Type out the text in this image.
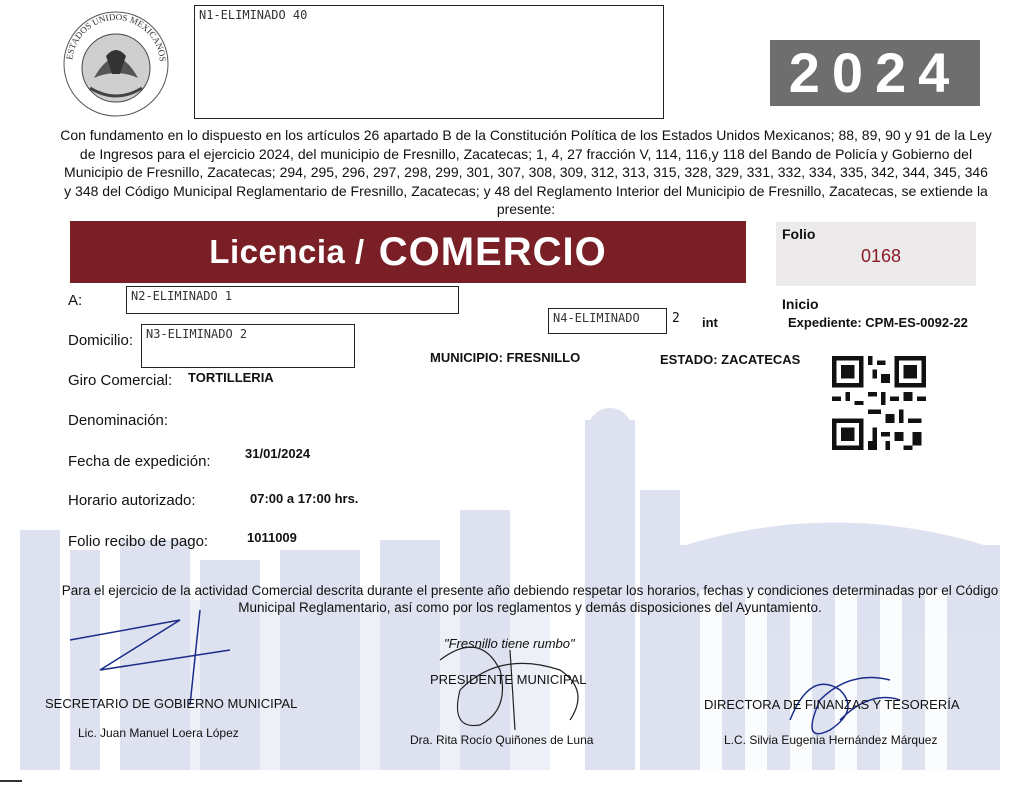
ESTADOS UNIDOS MEXICANOS
N1-ELIMINADO 40
2024
Con fundamento en lo dispuesto en los artículos 26 apartado B de la Constitución Política de los Estados Unidos Mexicanos; 88, 89, 90 y 91 de la Ley de Ingresos para el ejercicio 2024, del municipio de Fresnillo, Zacatecas; 1, 4, 27 fracción V, 114, 116,y 118 del Bando de Policía y Gobierno del Municipio de Fresnillo, Zacatecas; 294, 295, 296, 297, 298, 299, 301, 307, 308, 309, 312, 313, 315, 328, 329, 331, 332, 334, 335, 342, 344, 345, 346 y 348 del Código Municipal Reglamentario de Fresnillo, Zacatecas; y 48 del Reglamento Interior del Municipio de Fresnillo, Zacatecas, se extiende la presente:
Licencia / COMERCIO	Folio
0168
A:	N2-ELIMINADO 1
N4-ELIMINADO	2 int
Inicio
Expediente: CPM-ES-0092-22
Domicilio:	N3-ELIMINADO 2
MUNICIPIO: FRESNILLO	ESTADO: ZACATECAS
Giro Comercial: TORTILLERIA
Denominación:
Fecha de expedición:	31/01/2024
Horario autorizado:	07:00 a 17:00 hrs.
Folio recibo de pago:	1011009
Para el ejercicio de la actividad Comercial descrita durante el presente año debiendo respetar los horarios, fechas y condiciones determinadas por el Código Municipal Reglamentario, así como por los reglamentos y demás disposiciones del Ayuntamiento.
"Fresnillo tiene rumbo"
SECRETARIO DE GOBIERNO MUNICIPAL
Lic. Juan Manuel Loera López
PRESIDENTE MUNICIPAL
Dra. Rita Rocío Quiñones de Luna
DIRECTORA DE FINANZAS Y TESORERÍA
L.C. Silvia Eugenia Hernández Márquez
